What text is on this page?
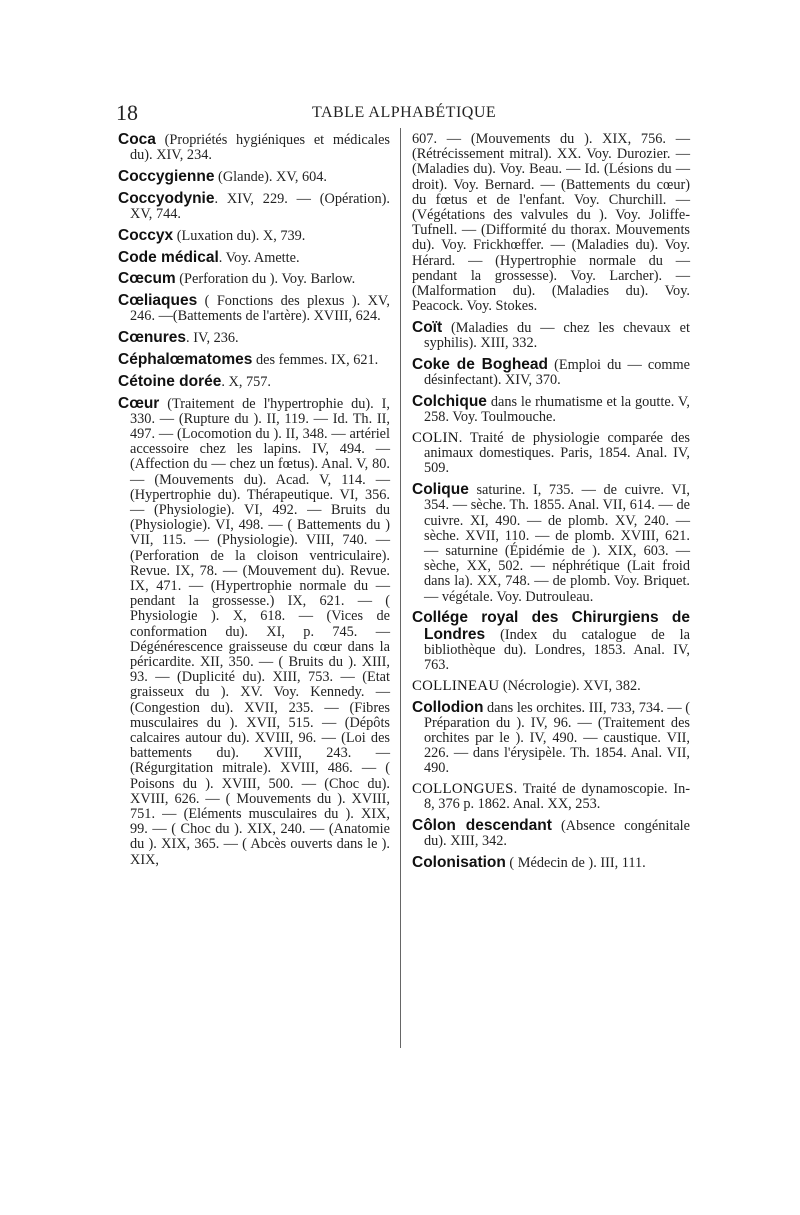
18	TABLE ALPHABÉTIQUE

Coca (Propriétés hygiéniques et médicales du). XIV, 234.

Coccygienne (Glande). XV, 604.

Coccyodynie. XIV, 229. — (Opération). XV, 744.

Coccyx (Luxation du). X, 739.

Code médical. Voy. Amette.

Cœcum (Perforation du ). Voy. Barlow.

Cœliaques ( Fonctions des plexus ). XV, 246. —(Battements de l'artère). XVIII, 624.

Cœnures. IV, 236.

Céphalœmatomes des femmes. IX, 621.

Cétoine dorée. X, 757.

Cœur (Traitement de l'hypertrophie du). I, 330. — (Rupture du ). II, 119. — Id. Th. II, 497. — (Locomotion du ). II, 348. — artériel accessoire chez les lapins. IV, 494. — (Affection du — chez un fœtus). Anal. V, 80. — (Mouvements du). Acad. V, 114. — (Hypertrophie du). Thérapeutique. VI, 356. — (Physiologie). VI, 492. — Bruits du (Physiologie). VI, 498. — ( Battements du ) VII, 115. — (Physiologie). VIII, 740. — (Perforation de la cloison ventriculaire). Revue. IX, 78. — (Mouvement du). Revue. IX, 471. — (Hypertrophie normale du — pendant la grossesse.) IX, 621. — ( Physiologie ). X, 618. — (Vices de conformation du). XI, p. 745. — Dégénérescence graisseuse du cœur dans la péricardite. XII, 350. — ( Bruits du ). XIII, 93. — (Duplicité du). XIII, 753. — (Etat graisseux du ). XV. Voy. Kennedy. — (Congestion du). XVII, 235. — (Fibres musculaires du ). XVII, 515. — (Dépôts calcaires autour du). XVIII, 96. — (Loi des battements du). XVIII, 243. — (Régurgitation mitrale). XVIII, 486. — ( Poisons du ). XVIII, 500. — (Choc du). XVIII, 626. — ( Mouvements du ). XVIII, 751. — (Eléments musculaires du ). XIX, 99. — ( Choc du ). XIX, 240. — (Anatomie du ). XIX, 365. — ( Abcès ouverts dans le ). XIX,

607. — (Mouvements du ). XIX, 756. — (Rétrécissement mitral). XX. Voy. Durozier. — (Maladies du). Voy. Beau. — Id. (Lésions du — droit). Voy. Bernard. — (Battements du cœur) du fœtus et de l'enfant. Voy. Churchill. — (Végétations des valvules du ). Voy. Joliffe-Tufnell. — (Difformité du thorax. Mouvements du). Voy. Frickhœffer. — (Maladies du). Voy. Hérard. — (Hypertrophie normale du — pendant la grossesse). Voy. Larcher). — (Malformation du). (Maladies du). Voy. Peacock. Voy. Stokes.

Coït (Maladies du — chez les chevaux et syphilis). XIII, 332.

Coke de Boghead (Emploi du — comme désinfectant). XIV, 370.

Colchique dans le rhumatisme et la goutte. V, 258. Voy. Toulmouche.

COLIN. Traité de physiologie comparée des animaux domestiques. Paris, 1854. Anal. IV, 509.

Colique saturine. I, 735. — de cuivre. VI, 354. — sèche. Th. 1855. Anal. VII, 614. — de cuivre. XI, 490. — de plomb. XV, 240. — sèche. XVII, 110. — de plomb. XVIII, 621. — saturnine (Épidémie de ). XIX, 603. — sèche, XX, 502. — néphrétique (Lait froid dans la). XX, 748. — de plomb. Voy. Briquet. — végétale. Voy. Dutrouleau.

Collége royal des Chirurgiens de Londres (Index du catalogue de la bibliothèque du). Londres, 1853. Anal. IV, 763.

COLLINEAU (Nécrologie). XVI, 382.

Collodion dans les orchites. III, 733, 734. — ( Préparation du ). IV, 96. — (Traitement des orchites par le ). IV, 490. — caustique. VII, 226. — dans l'érysipèle. Th. 1854. Anal. VII, 490.

COLLONGUES. Traité de dynamoscopie. In-8, 376 p. 1862. Anal. XX, 253.

Côlon descendant (Absence congénitale du). XIII, 342.

Colonisation ( Médecin de ). III, 111.
